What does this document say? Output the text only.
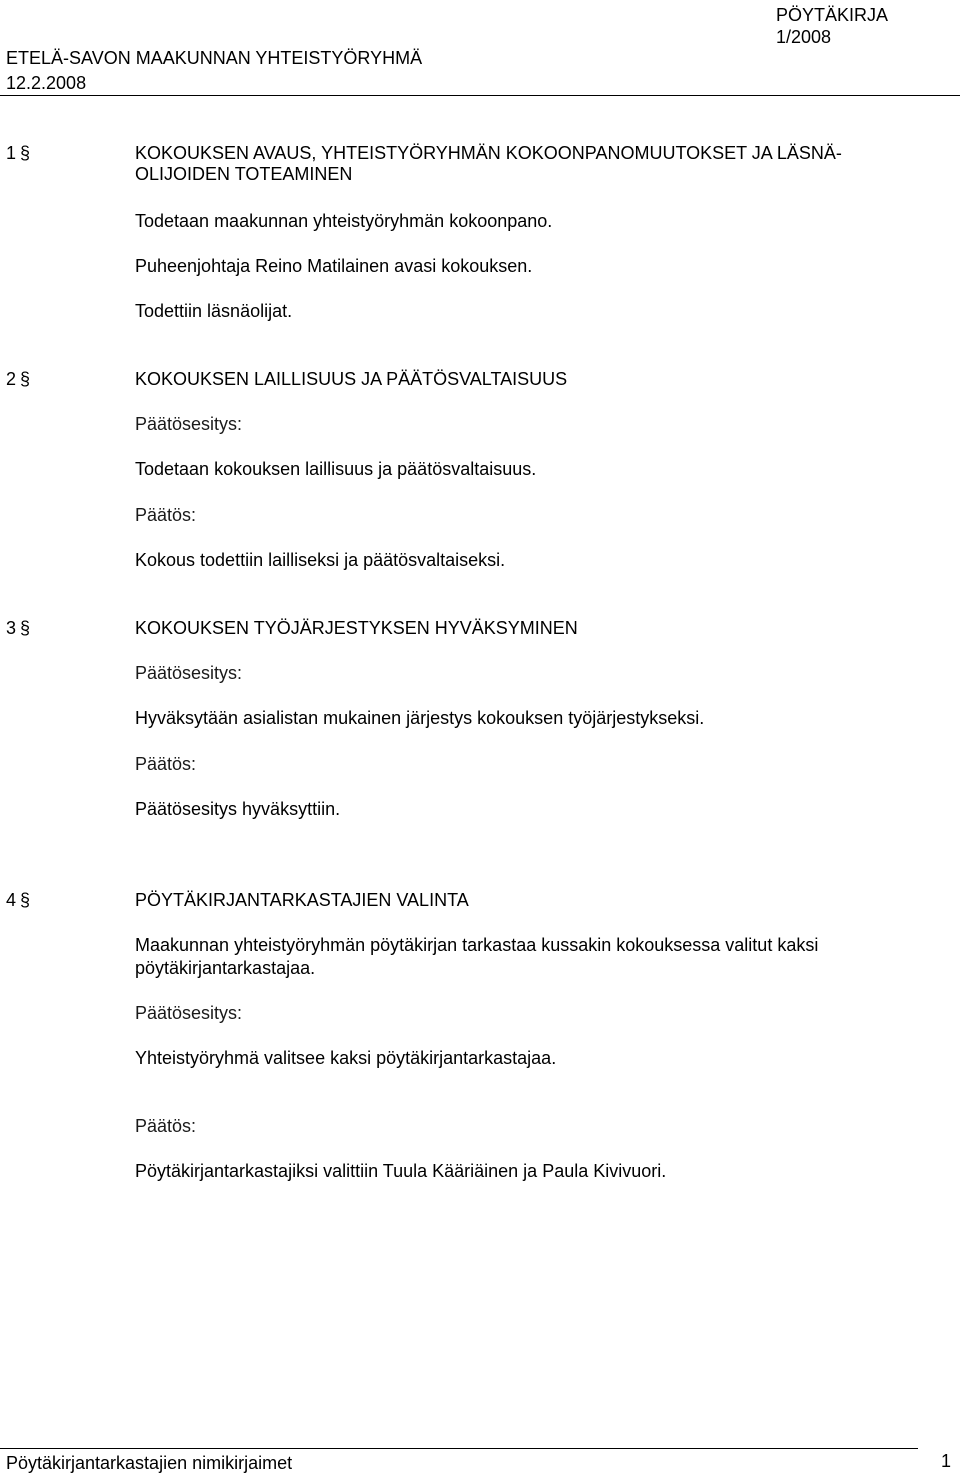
PÖYTÄKIRJA
1/2008
ETELÄ-SAVON MAAKUNNAN YHTEISTYÖRYHMÄ
12.2.2008
1 §	KOKOUKSEN AVAUS, YHTEISTYÖRYHMÄN KOKOONPANOMUUTOKSET JA LÄSNÄ-
OLIJOIDEN TOTEAMINEN
Todetaan maakunnan yhteistyöryhmän kokoonpano.
Puheenjohtaja Reino Matilainen avasi kokouksen.
Todettiin läsnäolijat.
2 §	KOKOUKSEN LAILLISUUS JA PÄÄTÖSVALTAISUUS
Päätösesitys:
Todetaan kokouksen laillisuus ja päätösvaltaisuus.
Päätös:
Kokous todettiin lailliseksi ja päätösvaltaiseksi.
3 §	KOKOUKSEN TYÖJÄRJESTYKSEN HYVÄKSYMINEN
Päätösesitys:
Hyväksytään asialistan mukainen järjestys kokouksen työjärjestykseksi.
Päätös:
Päätösesitys hyväksyttiin.
4 §	PÖYTÄKIRJANTARKASTAJIEN VALINTA
Maakunnan yhteistyöryhmän pöytäkirjan tarkastaa kussakin kokouksessa valitut kaksi
pöytäkirjantarkastajaa.
Päätösesitys:
Yhteistyöryhmä valitsee kaksi pöytäkirjantarkastajaa.
Päätös:
Pöytäkirjantarkastajiksi valittiin Tuula Kääriäinen ja Paula Kivivuori.
Pöytäkirjantarkastajien nimikirjaimet	1
